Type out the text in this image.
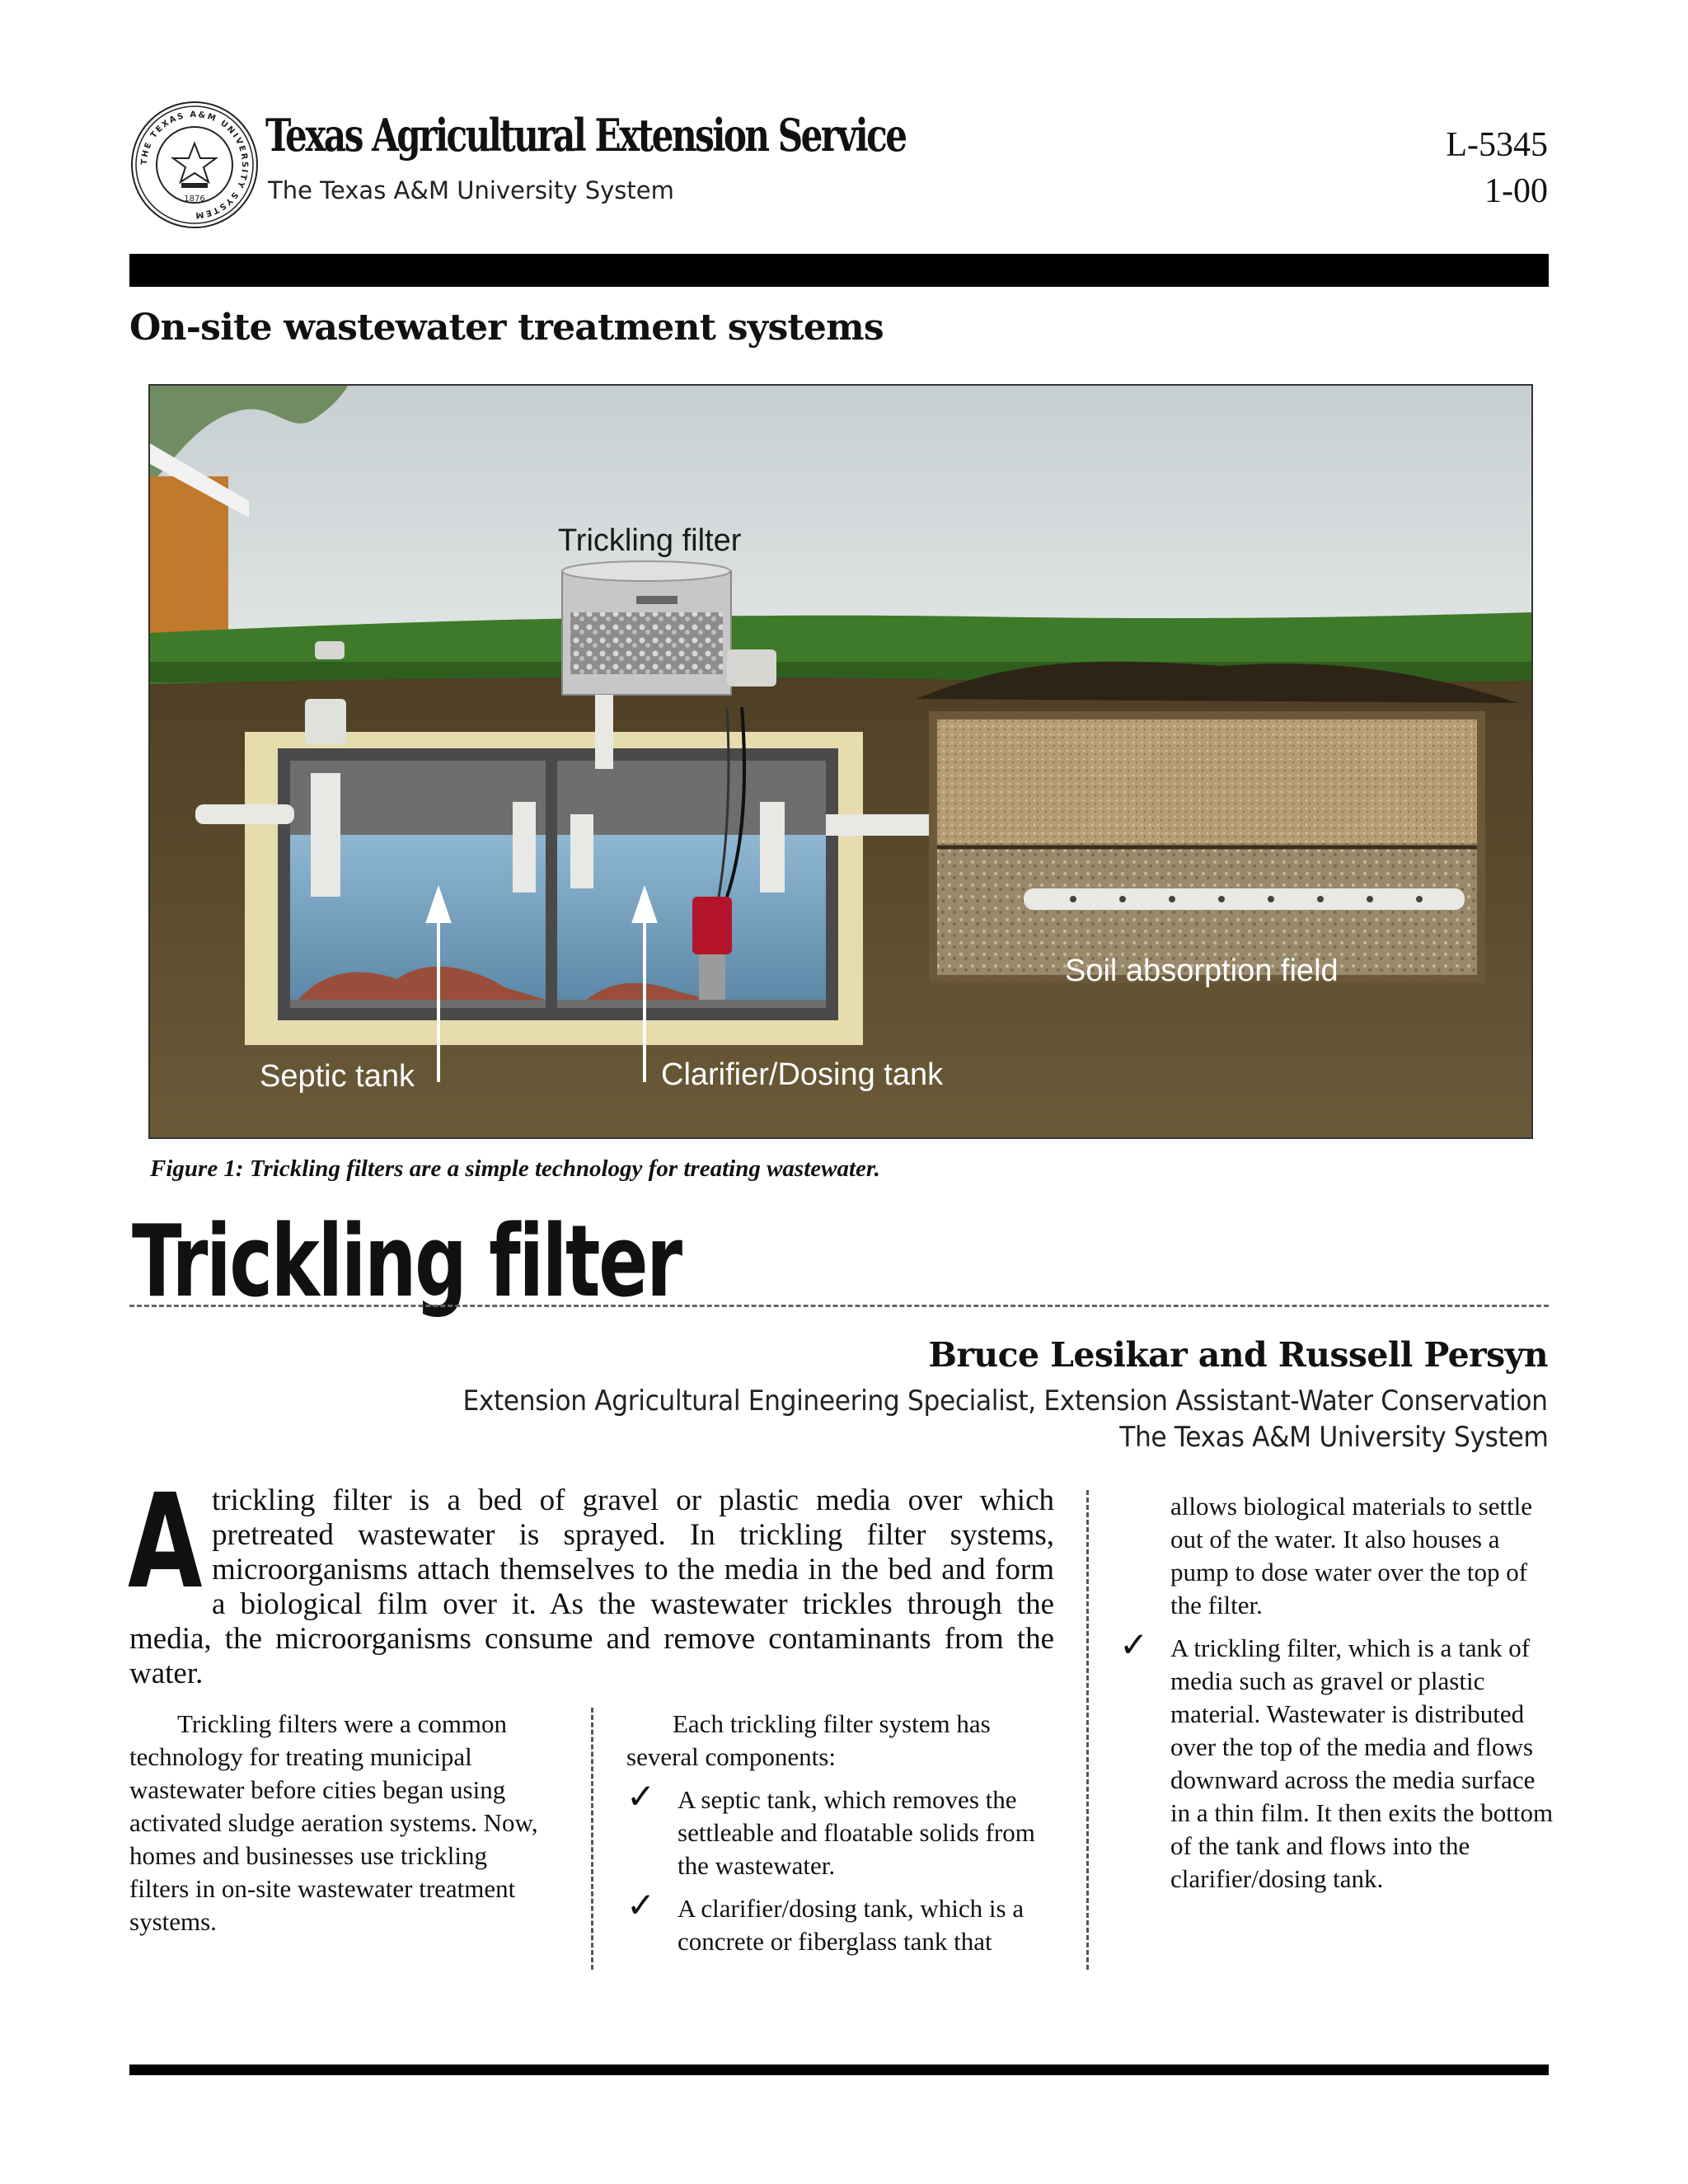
THE TEXAS A&M UNIVERSITY SYSTEM
1876
Texas Agricultural Extension Service
The Texas A&M University System
L-5345
1-00
On-site wastewater treatment systems
Trickling filter
Soil absorption field
Septic tank	Clarifier/Dosing tank
Figure 1: Trickling filters are a simple technology for treating wastewater.
Trickling filter
Bruce Lesikar and Russell Persyn
Extension Agricultural Engineering Specialist, Extension Assistant-Water Conservation
The Texas A&M University System
A trickling filter is a bed of gravel or plastic media over which pretreated wastewater is sprayed. In trickling filter systems, microorganisms attach themselves to the media in the bed and form a biological film over it. As the wastewater trickles through the media, the microorganisms consume and remove contaminants from the water.

Trickling filters were a common technology for treating municipal wastewater before cities began using activated sludge aeration systems. Now, homes and businesses use trickling filters in on-site wastewater treatment systems.

Each trickling filter system has several components:

✓ A septic tank, which removes the settleable and floatable solids from the wastewater.
✓ A clarifier/dosing tank, which is a concrete or fiberglass tank that

allows biological materials to settle out of the water. It also houses a pump to dose water over the top of the filter.

✓ A trickling filter, which is a tank of media such as gravel or plastic material. Wastewater is distributed over the top of the media and flows downward across the media surface in a thin film. It then exits the bottom of the tank and flows into the clarifier/dosing tank.
